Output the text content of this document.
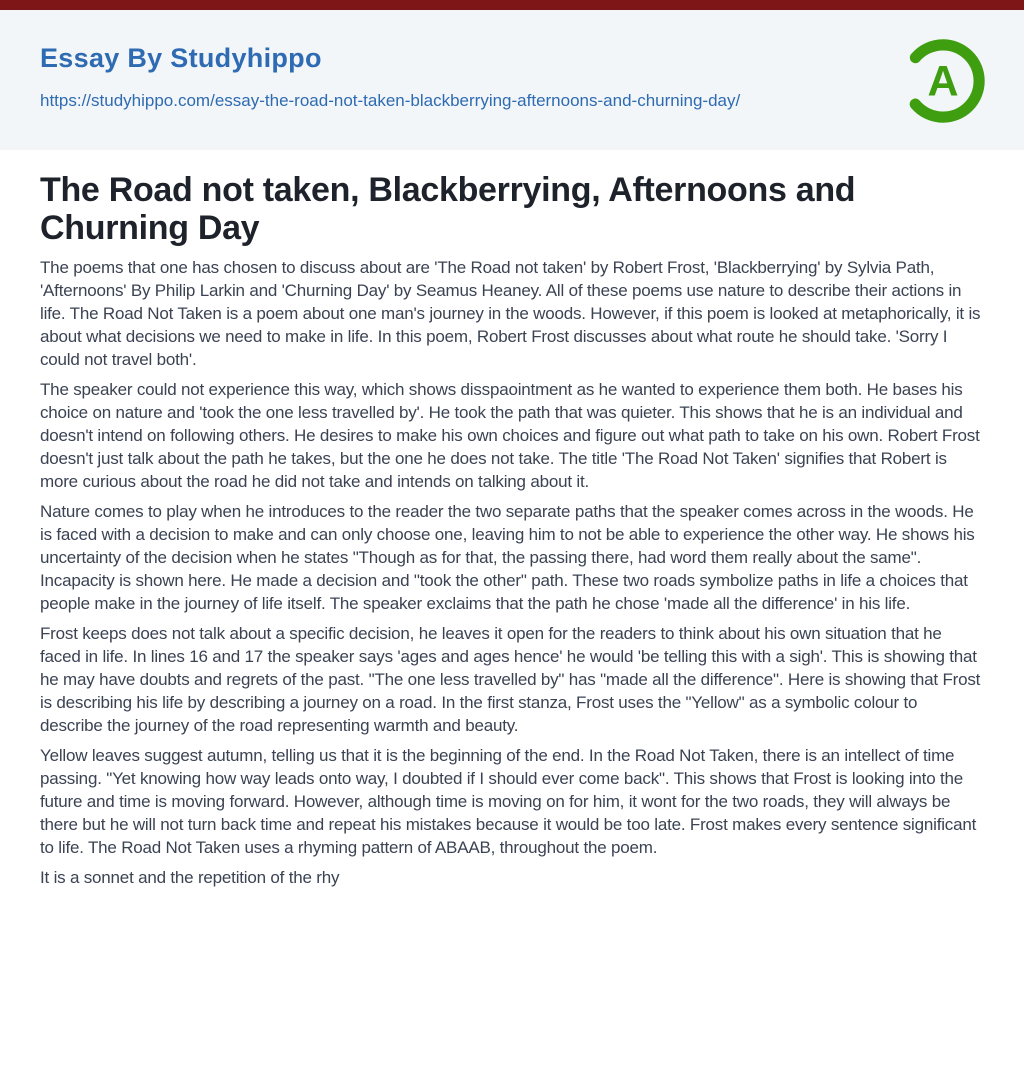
Essay By Studyhippo
https://studyhippo.com/essay-the-road-not-taken-blackberrying-afternoons-and-churning-day/	A
The Road not taken, Blackberrying, Afternoons and Churning Day

The poems that one has chosen to discuss about are 'The Road not taken' by Robert Frost, 'Blackberrying' by Sylvia Path, 'Afternoons' By Philip Larkin and 'Churning Day' by Seamus Heaney. All of these poems use nature to describe their actions in life. The Road Not Taken is a poem about one man's journey in the woods. However, if this poem is looked at metaphorically, it is about what decisions we need to make in life. In this poem, Robert Frost discusses about what route he should take. 'Sorry I could not travel both'.

The speaker could not experience this way, which shows disspaointment as he wanted to experience them both. He bases his choice on nature and 'took the one less travelled by'. He took the path that was quieter. This shows that he is an individual and doesn't intend on following others. He desires to make his own choices and figure out what path to take on his own. Robert Frost doesn't just talk about the path he takes, but the one he does not take. The title 'The Road Not Taken' signifies that Robert is more curious about the road he did not take and intends on talking about it.

Nature comes to play when he introduces to the reader the two separate paths that the speaker comes across in the woods. He is faced with a decision to make and can only choose one, leaving him to not be able to experience the other way. He shows his uncertainty of the decision when he states "Though as for that, the passing there, had word them really about the same". Incapacity is shown here. He made a decision and "took the other" path. These two roads symbolize paths in life a choices that people make in the journey of life itself. The speaker exclaims that the path he chose 'made all the difference' in his life.

Frost keeps does not talk about a specific decision, he leaves it open for the readers to think about his own situation that he faced in life. In lines 16 and 17 the speaker says 'ages and ages hence' he would 'be telling this with a sigh'. This is showing that he may have doubts and regrets of the past. "The one less travelled by" has "made all the difference". Here is showing that Frost is describing his life by describing a journey on a road. In the first stanza, Frost uses the "Yellow" as a symbolic colour to describe the journey of the road representing warmth and beauty.

Yellow leaves suggest autumn, telling us that it is the beginning of the end. In the Road Not Taken, there is an intellect of time passing. "Yet knowing how way leads onto way, I doubted if I should ever come back". This shows that Frost is looking into the future and time is moving forward. However, although time is moving on for him, it wont for the two roads, they will always be there but he will not turn back time and repeat his mistakes because it would be too late. Frost makes every sentence significant to life. The Road Not Taken uses a rhyming pattern of ABAAB, throughout the poem.

It is a sonnet and the repetition of the rhy
